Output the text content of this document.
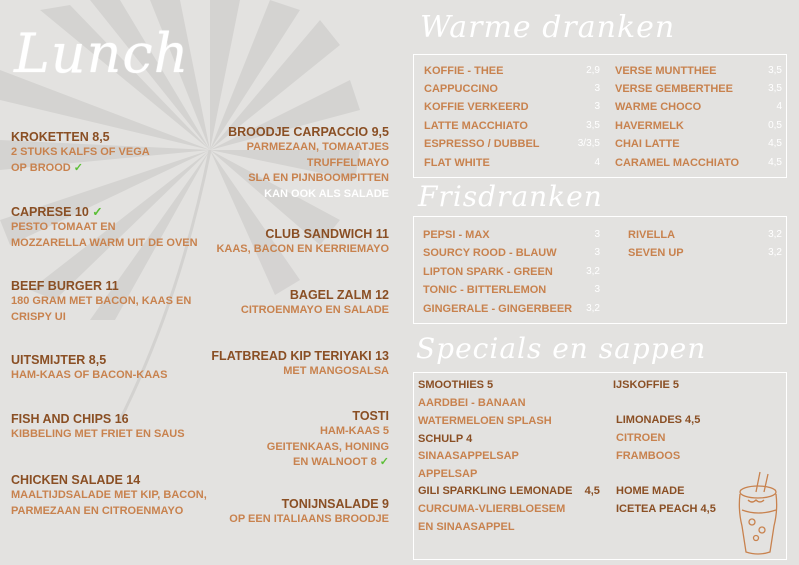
Lunch
KROKETTEN 8,5
2 STUKS KALFS OF VEGA
OP BROOD ✓
CAPRESE 10 ✓
PESTO TOMAAT EN
MOZZARELLA WARM UIT DE OVEN
BEEF BURGER 11
180 GRAM MET BACON, KAAS EN
CRISPY UI
UITSMIJTER 8,5
HAM-KAAS OF BACON-KAAS
FISH AND CHIPS 16
KIBBELING MET FRIET EN SAUS
CHICKEN SALADE 14
MAALTIJDSALADE MET KIP, BACON,
PARMEZAAN EN CITROENMAYO
BROODJE CARPACCIO 9,5
PARMEZAAN, TOMAATJES
TRUFFELMAYO
SLA EN PIJNBOOMPITTEN
KAN OOK ALS SALADE
CLUB SANDWICH 11
KAAS, BACON EN KERRIEMAYO
BAGEL ZALM 12
CITROENMAYO EN SALADE
FLATBREAD KIP TERIYAKI 13
MET MANGOSALSA
TOSTI
HAM-KAAS 5
GEITENKAAS, HONING
EN WALNOOT 8 ✓
TONIJNSALADE 9
OP EEN ITALIAANS BROODJE
Warme dranken
KOFFIE - THEE
CAPPUCCINO
KOFFIE VERKEERD
LATTE MACCHIATO
ESPRESSO / DUBBEL
FLAT WHITE
2,9
3
3
3,5
3/3,5
4
VERSE MUNTTHEE
VERSE GEMBERTHEE
WARME CHOCO
HAVERMELK
CHAI LATTE
CARAMEL MACCHIATO
3,5
3,5
4
0,5
4,5
4,5
Frisdranken
PEPSI - MAX
SOURCY ROOD - BLAUW
LIPTON SPARK - GREEN
TONIC - BITTERLEMON
GINGERALE - GINGERBEER
3
3
3,2
3
3,2
RIVELLA
SEVEN UP
3,2
3,2
Specials en sappen
SMOOTHIES 5
AARDBEI - BANAAN
WATERMELOEN SPLASH
SCHULP 4
SINAASAPPELSAP
APPELSAP
GILI SPARKLING LEMONADE    4,5
CURCUMA-VLIERBLOESEM
EN SINAASAPPEL
IJSKOFFIE 5
LIMONADES 4,5
CITROEN
FRAMBOOS
HOME MADE
ICETEA PEACH 4,5
